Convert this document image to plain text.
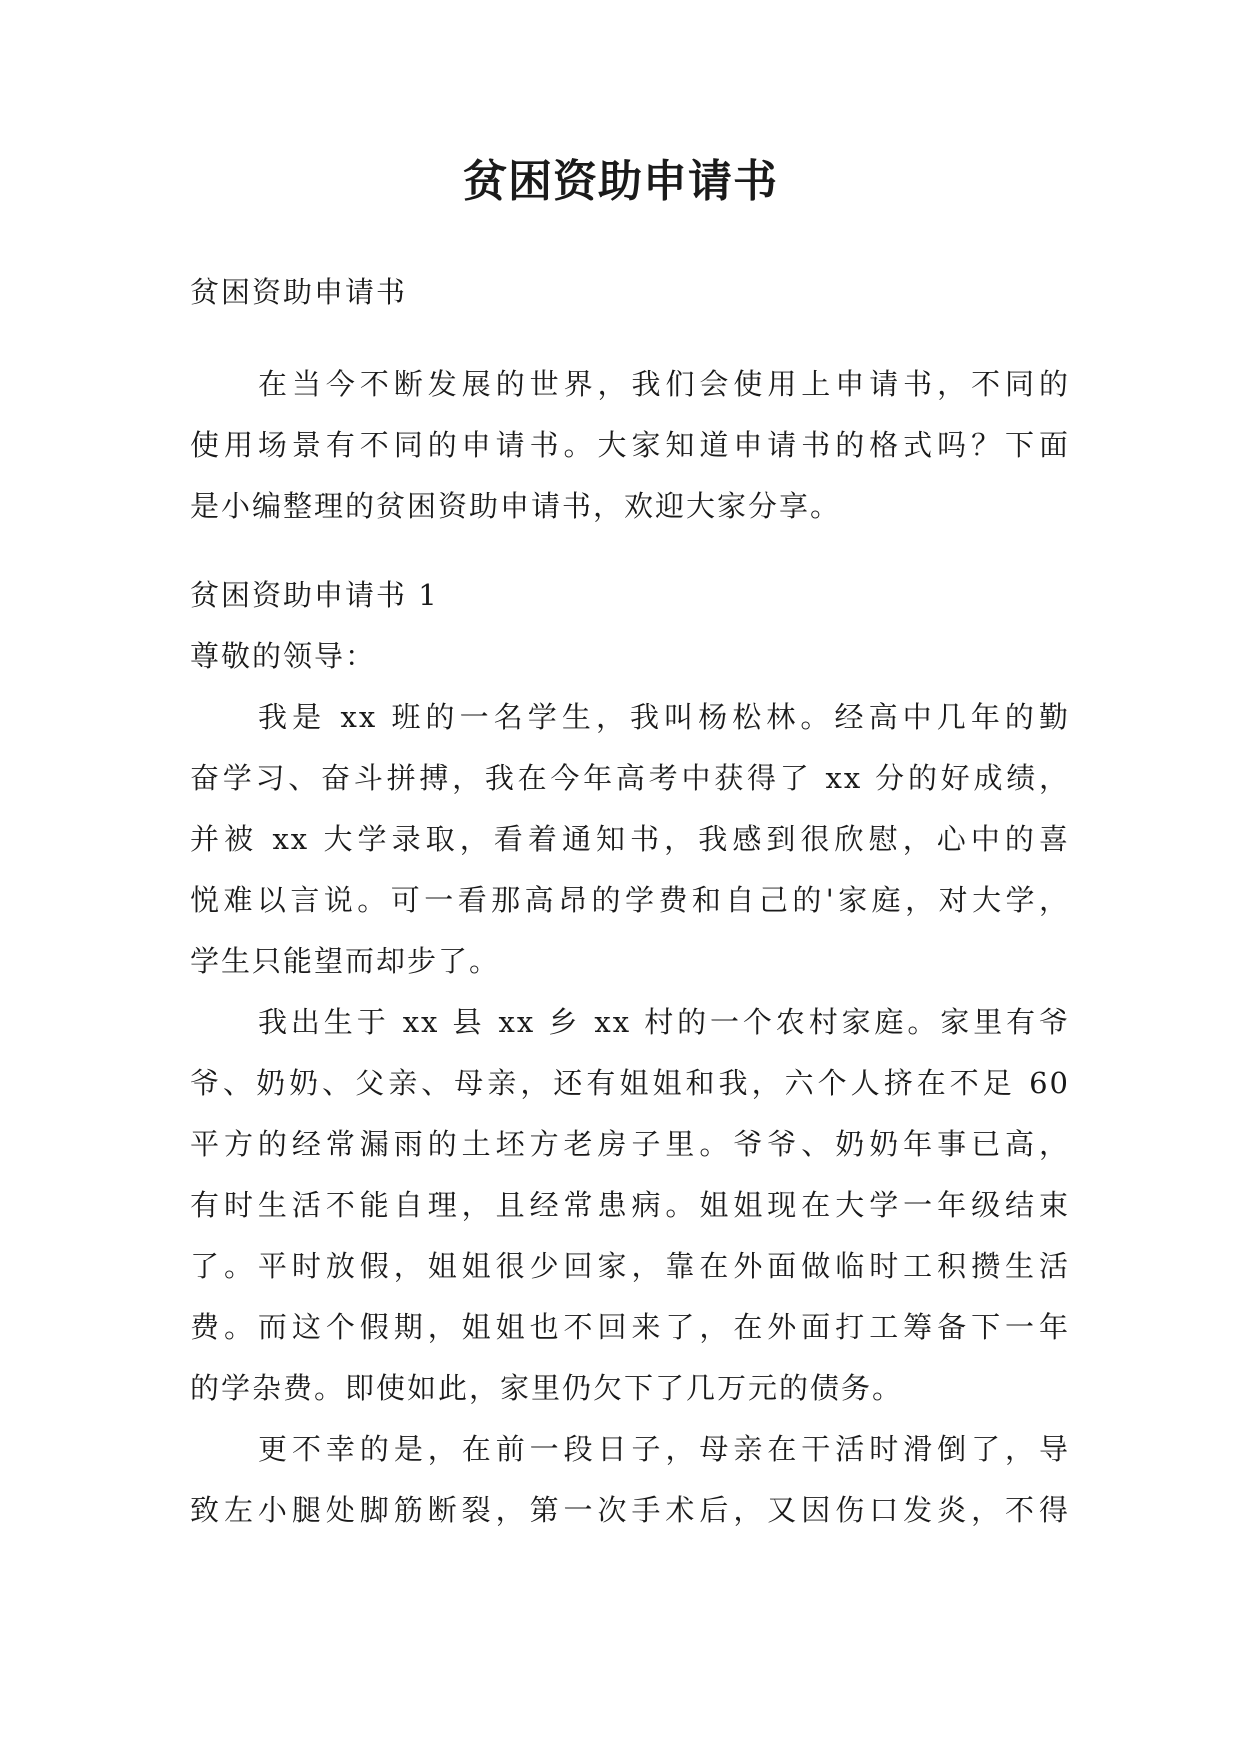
贫困资助申请书

贫困资助申请书

在当今不断发展的世界，我们会使用上申请书，不同的
使用场景有不同的申请书。大家知道申请书的格式吗？下面
是小编整理的贫困资助申请书，欢迎大家分享。
贫困资助申请书 1
尊敬的领导：
我是 xx 班的一名学生，我叫杨松林。经高中几年的勤
奋学习、奋斗拼搏，我在今年高考中获得了 xx 分的好成绩，
并被 xx 大学录取，看着通知书，我感到很欣慰，心中的喜
悦难以言说。可一看那高昂的学费和自己的'家庭，对大学，
学生只能望而却步了。
我出生于 xx 县 xx 乡 xx 村的一个农村家庭。家里有爷
爷、奶奶、父亲、母亲，还有姐姐和我，六个人挤在不足 60
平方的经常漏雨的土坯方老房子里。爷爷、奶奶年事已高，
有时生活不能自理，且经常患病。姐姐现在大学一年级结束
了。平时放假，姐姐很少回家，靠在外面做临时工积攒生活
费。而这个假期，姐姐也不回来了，在外面打工筹备下一年
的学杂费。即使如此，家里仍欠下了几万元的债务。
更不幸的是，在前一段日子，母亲在干活时滑倒了，导
致左小腿处脚筋断裂，第一次手术后，又因伤口发炎，不得
